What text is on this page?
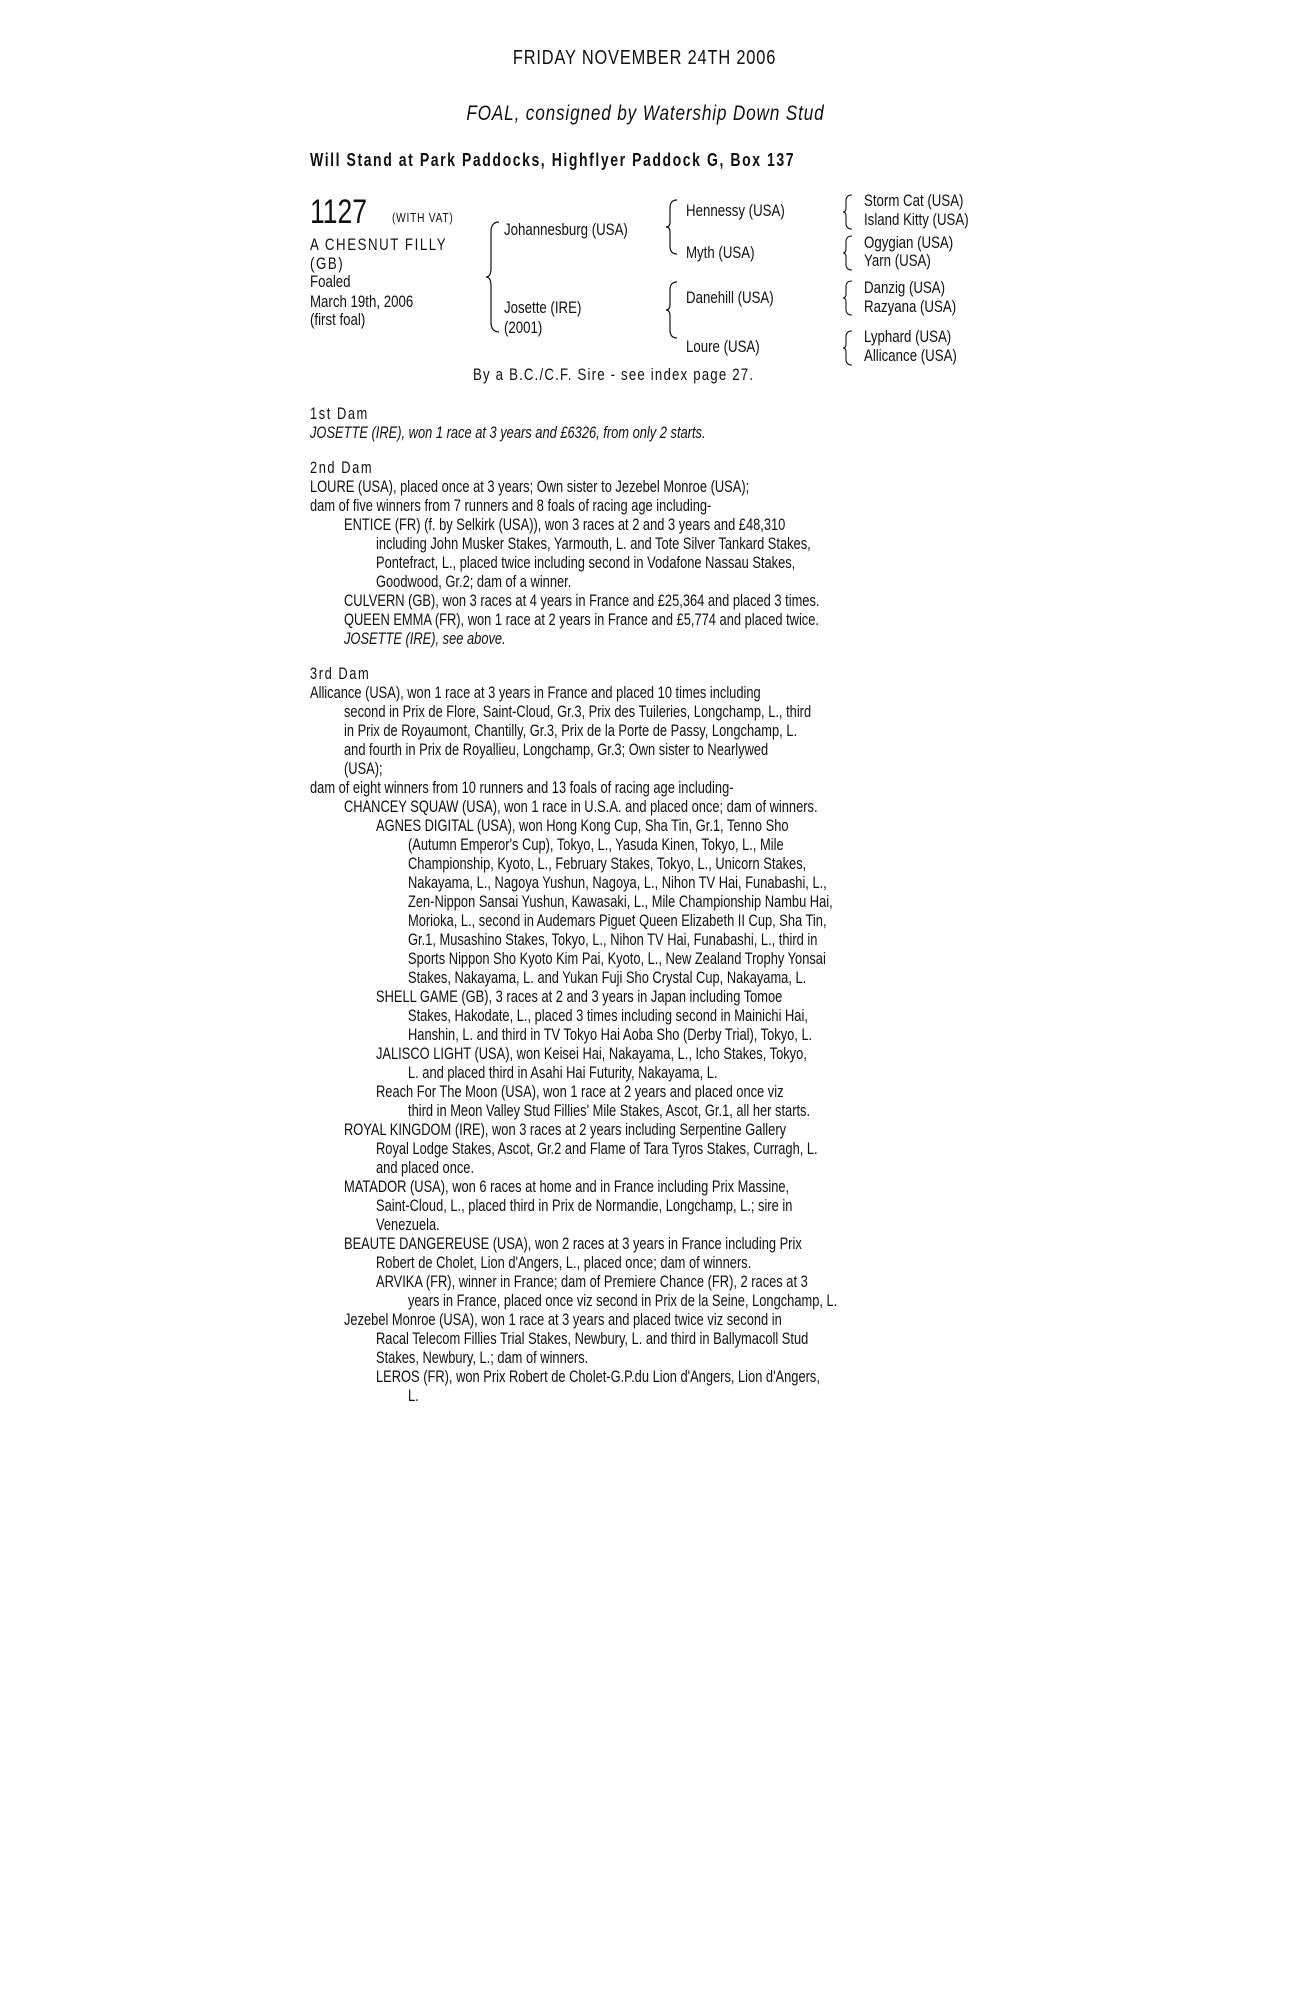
FRIDAY NOVEMBER 24TH 2006
FOAL, consigned by Watership Down Stud
Will Stand at Park Paddocks, Highflyer Paddock G, Box 137
1127	(WITH VAT)
A CHESNUT FILLY
(GB)
Foaled
March 19th, 2006
(first foal)
Johannesburg (USA)
Josette (IRE)
(2001)
Hennessy (USA)
Myth (USA)
Danehill (USA)
Loure (USA)
Storm Cat (USA)
Island Kitty (USA)
Ogygian (USA)
Yarn (USA)
Danzig (USA)
Razyana (USA)
Lyphard (USA)
Allicance (USA)
By a B.C./C.F. Sire - see index page 27.
1st Dam
JOSETTE (IRE), won 1 race at 3 years and £6326, from only 2 starts.
2nd Dam
LOURE (USA), placed once at 3 years; Own sister to Jezebel Monroe (USA);
dam of five winners from 7 runners and 8 foals of racing age including-
ENTICE (FR) (f. by Selkirk (USA)), won 3 races at 2 and 3 years and £48,310
including John Musker Stakes, Yarmouth, L. and Tote Silver Tankard Stakes,
Pontefract, L., placed twice including second in Vodafone Nassau Stakes,
Goodwood, Gr.2; dam of a winner.
CULVERN (GB), won 3 races at 4 years in France and £25,364 and placed 3 times.
QUEEN EMMA (FR), won 1 race at 2 years in France and £5,774 and placed twice.
JOSETTE (IRE), see above.
3rd Dam
Allicance (USA), won 1 race at 3 years in France and placed 10 times including
second in Prix de Flore, Saint-Cloud, Gr.3, Prix des Tuileries, Longchamp, L., third
in Prix de Royaumont, Chantilly, Gr.3, Prix de la Porte de Passy, Longchamp, L.
and fourth in Prix de Royallieu, Longchamp, Gr.3; Own sister to Nearlywed
(USA);
dam of eight winners from 10 runners and 13 foals of racing age including-
CHANCEY SQUAW (USA), won 1 race in U.S.A. and placed once; dam of winners.
AGNES DIGITAL (USA), won Hong Kong Cup, Sha Tin, Gr.1, Tenno Sho
(Autumn Emperor's Cup), Tokyo, L., Yasuda Kinen, Tokyo, L., Mile
Championship, Kyoto, L., February Stakes, Tokyo, L., Unicorn Stakes,
Nakayama, L., Nagoya Yushun, Nagoya, L., Nihon TV Hai, Funabashi, L.,
Zen-Nippon Sansai Yushun, Kawasaki, L., Mile Championship Nambu Hai,
Morioka, L., second in Audemars Piguet Queen Elizabeth II Cup, Sha Tin,
Gr.1, Musashino Stakes, Tokyo, L., Nihon TV Hai, Funabashi, L., third in
Sports Nippon Sho Kyoto Kim Pai, Kyoto, L., New Zealand Trophy Yonsai
Stakes, Nakayama, L. and Yukan Fuji Sho Crystal Cup, Nakayama, L.
SHELL GAME (GB), 3 races at 2 and 3 years in Japan including Tomoe
Stakes, Hakodate, L., placed 3 times including second in Mainichi Hai,
Hanshin, L. and third in TV Tokyo Hai Aoba Sho (Derby Trial), Tokyo, L.
JALISCO LIGHT (USA), won Keisei Hai, Nakayama, L., Icho Stakes, Tokyo,
L. and placed third in Asahi Hai Futurity, Nakayama, L.
Reach For The Moon (USA), won 1 race at 2 years and placed once viz
third in Meon Valley Stud Fillies' Mile Stakes, Ascot, Gr.1, all her starts.
ROYAL KINGDOM (IRE), won 3 races at 2 years including Serpentine Gallery
Royal Lodge Stakes, Ascot, Gr.2 and Flame of Tara Tyros Stakes, Curragh, L.
and placed once.
MATADOR (USA), won 6 races at home and in France including Prix Massine,
Saint-Cloud, L., placed third in Prix de Normandie, Longchamp, L.; sire in
Venezuela.
BEAUTE DANGEREUSE (USA), won 2 races at 3 years in France including Prix
Robert de Cholet, Lion d'Angers, L., placed once; dam of winners.
ARVIKA (FR), winner in France; dam of Premiere Chance (FR), 2 races at 3
years in France, placed once viz second in Prix de la Seine, Longchamp, L.
Jezebel Monroe (USA), won 1 race at 3 years and placed twice viz second in
Racal Telecom Fillies Trial Stakes, Newbury, L. and third in Ballymacoll Stud
Stakes, Newbury, L.; dam of winners.
LEROS (FR), won Prix Robert de Cholet-G.P.du Lion d'Angers, Lion d'Angers,
L.
